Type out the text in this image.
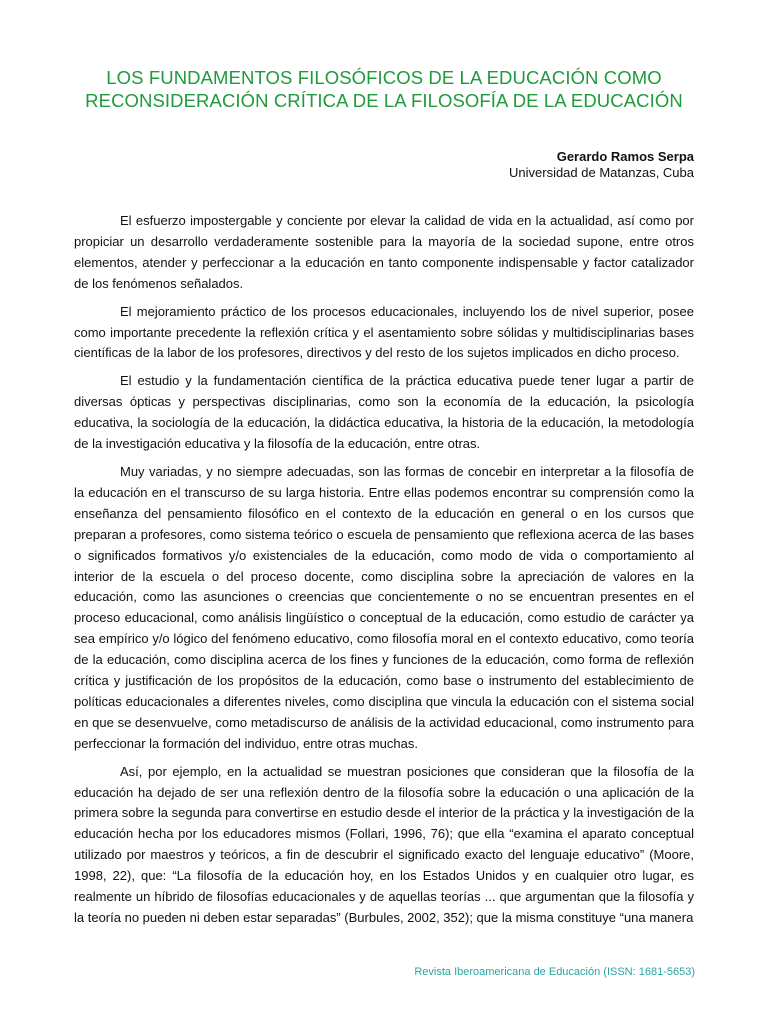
LOS FUNDAMENTOS FILOSÓFICOS DE LA EDUCACIÓN COMO
RECONSIDERACIÓN CRÍTICA DE LA FILOSOFÍA DE LA EDUCACIÓN
Gerardo Ramos Serpa
Universidad de Matanzas, Cuba

El esfuerzo impostergable y conciente por elevar la calidad de vida en la actualidad, así como por propiciar un desarrollo verdaderamente sostenible para la mayoría de la sociedad supone, entre otros elementos, atender y perfeccionar a la educación en tanto componente indispensable y factor catalizador de los fenómenos señalados.

El mejoramiento práctico de los procesos educacionales, incluyendo los de nivel superior, posee como importante precedente la reflexión crítica y el asentamiento sobre sólidas y multidisciplinarias bases científicas de la labor de los profesores, directivos y del resto de los sujetos implicados en dicho proceso.

El estudio y la fundamentación científica de la práctica educativa puede tener lugar a partir de diversas ópticas y perspectivas disciplinarias, como son la economía de la educación, la psicología educativa, la sociología de la educación, la didáctica educativa, la historia de la educación, la metodología de la investigación educativa y la filosofía de la educación, entre otras.

Muy variadas, y no siempre adecuadas, son las formas de concebir en interpretar a la filosofía de la educación en el transcurso de su larga historia. Entre ellas podemos encontrar su comprensión como la enseñanza del pensamiento filosófico en el contexto de la educación en general o en los cursos que preparan a profesores, como sistema teórico o escuela de pensamiento que reflexiona acerca de las bases o significados formativos y/o existenciales de la educación, como modo de vida o comportamiento al interior de la escuela o del proceso docente, como disciplina sobre la apreciación de valores en la educación, como las asunciones o creencias que concientemente o no se encuentran presentes en el proceso educacional, como análisis lingüístico o conceptual de la educación, como estudio de carácter ya sea empírico y/o lógico del fenómeno educativo, como filosofía moral en el contexto educativo, como teoría de la educación, como disciplina acerca de los fines y funciones de la educación, como forma de reflexión crítica y justificación de los propósitos de la educación, como base o instrumento del establecimiento de políticas educacionales a diferentes niveles, como disciplina que vincula la educación con el sistema social en que se desenvuelve, como metadiscurso de análisis de la actividad educacional, como instrumento para perfeccionar la formación del individuo, entre otras muchas.

Así, por ejemplo, en la actualidad se muestran posiciones que consideran que la filosofía de la educación ha dejado de ser una reflexión dentro de la filosofía sobre la educación o una aplicación de la primera sobre la segunda para convertirse en estudio desde el interior de la práctica y la investigación de la educación hecha por los educadores mismos (Follari, 1996, 76); que ella “examina el aparato conceptual utilizado por maestros y teóricos, a fin de descubrir el significado exacto del lenguaje educativo” (Moore, 1998, 22), que: “La filosofía de la educación hoy, en los Estados Unidos y en cualquier otro lugar, es realmente un híbrido de filosofías educacionales y de aquellas teorías ... que argumentan que la filosofía y la teoría no pueden ni deben estar separadas” (Burbules, 2002, 352); que la misma constituye “una manera

Revista Iberoamericana de Educación (ISSN: 1681-5653)
